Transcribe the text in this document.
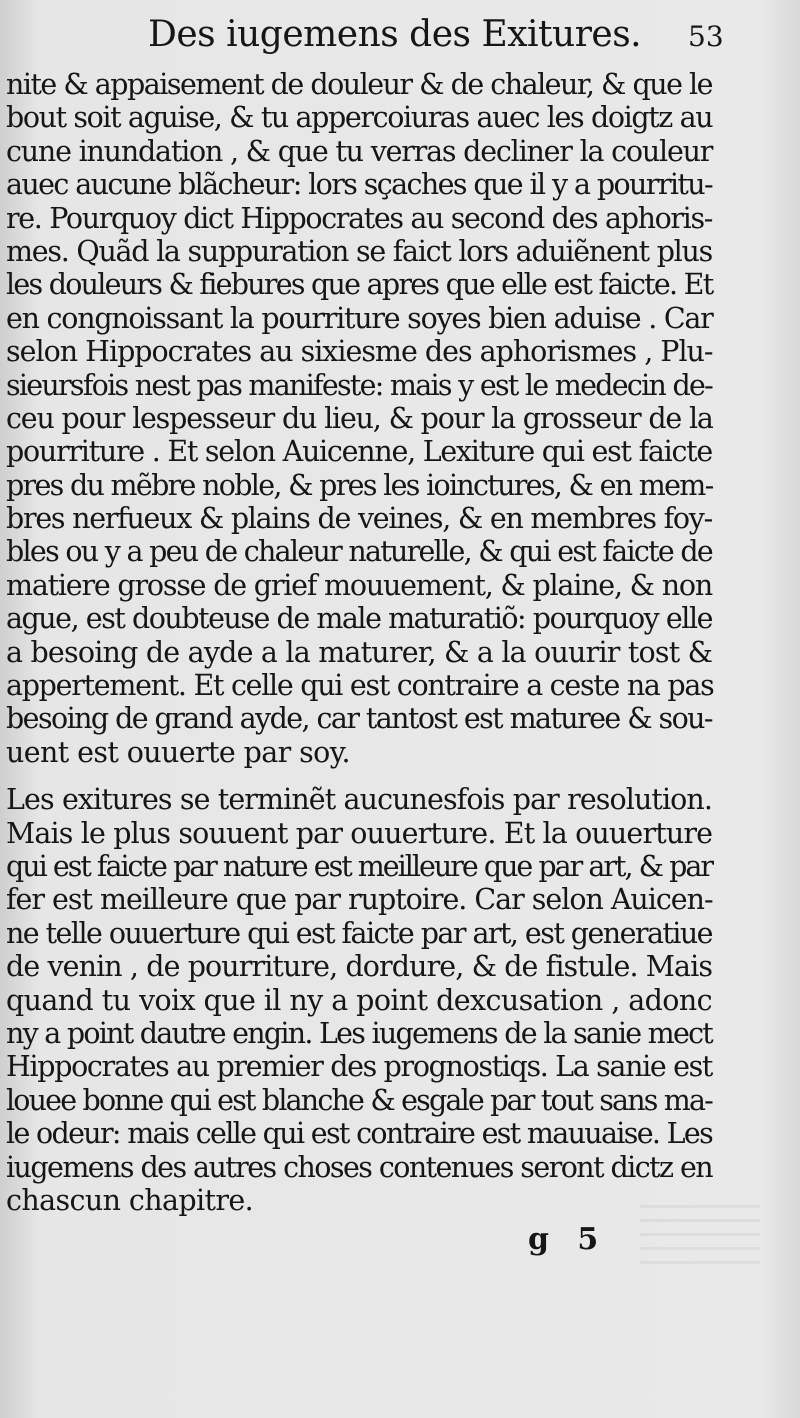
Des iugemens des Exitures. 53
nite & appaisement de douleur & de chaleur, & que le
bout soit aguise, & tu appercoiuras auec les doigtz au
cune inundation , & que tu verras decliner la couleur
auec aucune blãcheur: lors sçaches que il y a pourritu-
re. Pourquoy dict Hippocrates au second des aphoris-
mes. Quãd la suppuration se faict lors aduiẽnent plus
les douleurs & fiebures que apres que elle est faicte. Et
en congnoissant la pourriture soyes bien aduise . Car
selon Hippocrates au sixiesme des aphorismes , Plu-
sieursfois nest pas manifeste: mais y est le medecin de-
ceu pour lespesseur du lieu, & pour la grosseur de la
pourriture . Et selon Auicenne, Lexiture qui est faicte
pres du mẽbre noble, & pres les ioinctures, & en mem-
bres nerfueux & plains de veines, & en membres foy-
bles ou y a peu de chaleur naturelle, & qui est faicte de
matiere grosse de grief mouuement, & plaine, & non
ague, est doubteuse de male maturatiõ: pourquoy elle
a besoing de ayde a la maturer, & a la ouurir tost &
appertement. Et celle qui est contraire a ceste na pas
besoing de grand ayde, car tantost est maturee & sou-
uent est ouuerte par soy.
Les exitures se terminẽt aucunesfois par resolution.
Mais le plus souuent par ouuerture. Et la ouuerture
qui est faicte par nature est meilleure que par art, & par
fer est meilleure que par ruptoire. Car selon Auicen-
ne telle ouuerture qui est faicte par art, est generatiue
de venin , de pourriture, dordure, & de fistule. Mais
quand tu voix que il ny a point dexcusation , adonc
ny a point dautre engin. Les iugemens de la sanie mect
Hippocrates au premier des prognostiqs. La sanie est
louee bonne qui est blanche & esgale par tout sans ma-
le odeur: mais celle qui est contraire est mauuaise. Les
iugemens des autres choses contenues seront dictz en
chascun chapitre.
g 5
